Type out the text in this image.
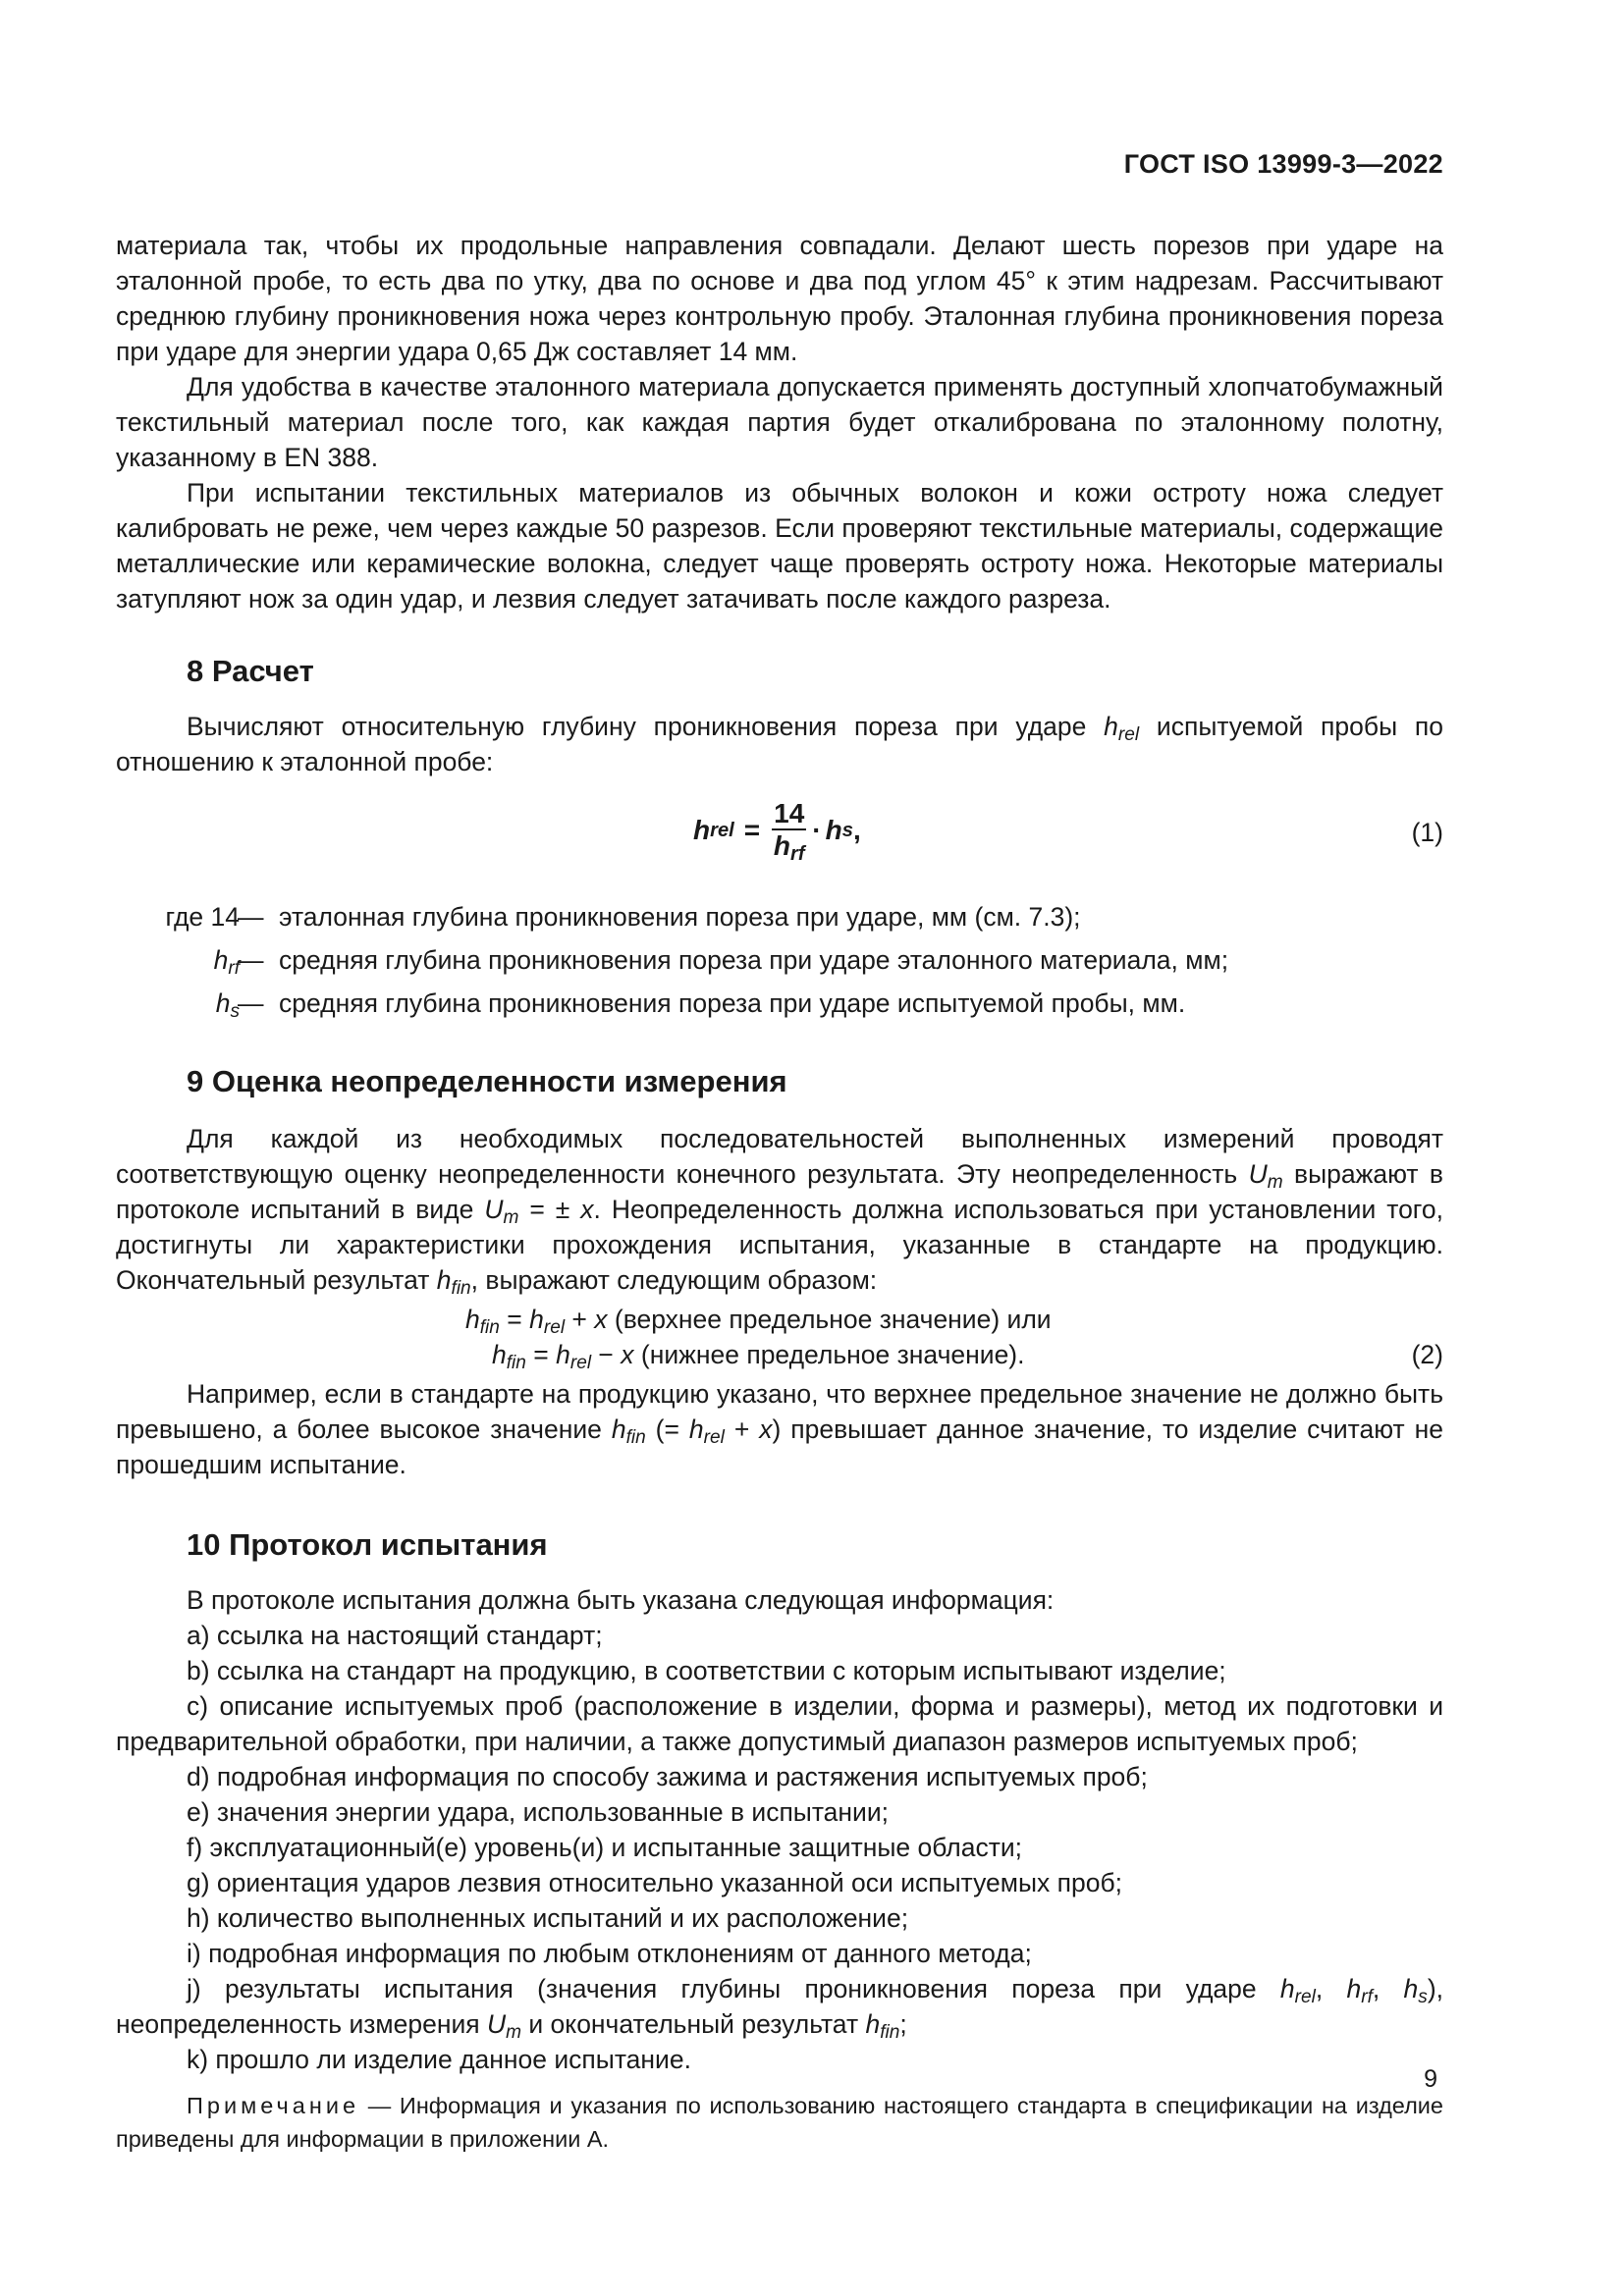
ГОСТ ISO 13999-3—2022

материала так, чтобы их продольные направления совпадали. Делают шесть порезов при ударе на эталонной пробе, то есть два по утку, два по основе и два под углом 45° к этим надрезам. Рассчитывают среднюю глубину проникновения ножа через контрольную пробу. Эталонная глубина проникновения пореза при ударе для энергии удара 0,65 Дж составляет 14 мм.

Для удобства в качестве эталонного материала допускается применять доступный хлопчатобумажный текстильный материал после того, как каждая партия будет откалибрована по эталонному полотну, указанному в EN 388.

При испытании текстильных материалов из обычных волокон и кожи остроту ножа следует калибровать не реже, чем через каждые 50 разрезов. Если проверяют текстильные материалы, содержащие металлические или керамические волокна, следует чаще проверять остроту ножа. Некоторые материалы затупляют нож за один удар, и лезвия следует затачивать после каждого разреза.

8 Расчет

Вычисляют относительную глубину проникновения пореза при ударе $h_{rel}$ испытуемой пробы по отношению к эталонной пробе:

h rel = $\frac{14}{h_{rf}} \cdot h$ s ,	(1)
где 14
— эталонная глубина проникновения пореза при ударе, мм (см. 7.3);
$h_{rf}$
— средняя глубина проникновения пореза при ударе эталонного материала, мм;
$h_s$
— средняя глубина проникновения пореза при ударе испытуемой пробы, мм.
9 Оценка неопределенности измерения

Для каждой из необходимых последовательностей выполненных измерений проводят соответствующую оценку неопределенности конечного результата. Эту неопределенность $U_m$ выражают в протоколе испытаний в виде $U_m$ = ± x. Неопределенность должна использоваться при установлении того, достигнуты ли характеристики прохождения испытания, указанные в стандарте на продукцию. Окончательный результат $h_{fin}$, выражают следующим образом:

$h_{fin} = h_{rel} + x$ (верхнее предельное значение) или
$h_{fin} = h_{rel} - x$ (нижнее предельное значение).	(2)

Например, если в стандарте на продукцию указано, что верхнее предельное значение не должно быть превышено, а более высокое значение $h_{fin}$ (= $h_{rel} + x$) превышает данное значение, то изделие считают не прошедшим испытание.

10 Протокол испытания

В протоколе испытания должна быть указана следующая информация:

a) ссылка на настоящий стандарт;

b) ссылка на стандарт на продукцию, в соответствии с которым испытывают изделие;

c) описание испытуемых проб (расположение в изделии, форма и размеры), метод их подготовки и предварительной обработки, при наличии, а также допустимый диапазон размеров испытуемых проб;

d) подробная информация по способу зажима и растяжения испытуемых проб;

e) значения энергии удара, использованные в испытании;

f) эксплуатационный(е) уровень(и) и испытанные защитные области;

g) ориентация ударов лезвия относительно указанной оси испытуемых проб;

h) количество выполненных испытаний и их расположение;

i) подробная информация по любым отклонениям от данного метода;

j) результаты испытания (значения глубины проникновения пореза при ударе $h_{rel}$, $h_{rf}$, $h_s$), неопределенность измерения $U_m$ и окончательный результат $h_{fin}$;

k) прошло ли изделие данное испытание.

Примечание — Информация и указания по использованию настоящего стандарта в спецификации на изделие приведены для информации в приложении А.

9
